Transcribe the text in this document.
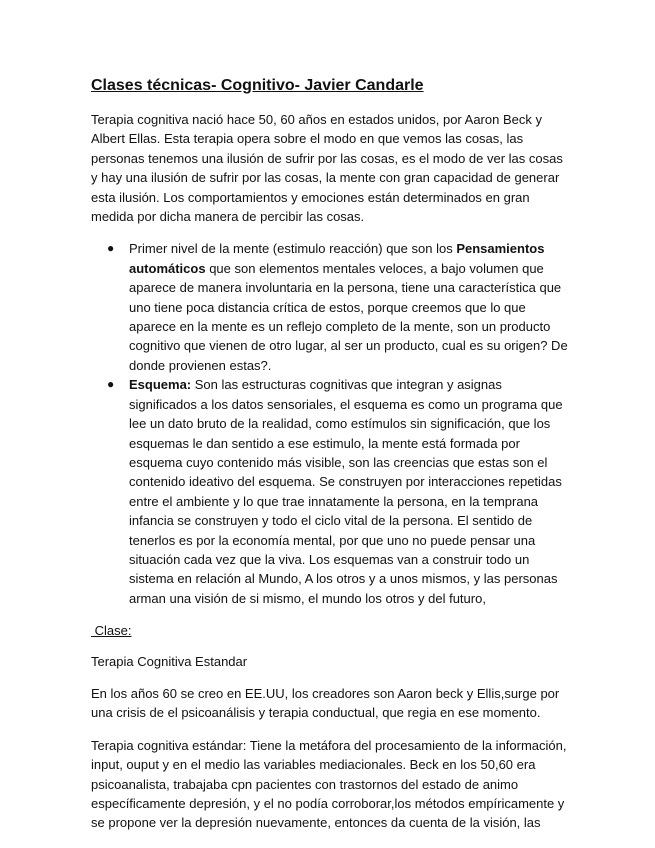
Clases técnicas- Cognitivo- Javier Candarle

Terapia cognitiva nació hace 50, 60 años en estados unidos, por Aaron Beck y Albert Ellas. Esta terapia opera sobre el modo en que vemos las cosas, las personas tenemos una ilusión de sufrir por las cosas, es el modo de ver las cosas y hay una ilusión de sufrir por las cosas, la mente con gran capacidad de generar esta ilusión. Los comportamientos y emociones están determinados en gran medida por dicha manera de percibir las cosas.

● Primer nivel de la mente (estimulo reacción) que son los Pensamientos automáticos que son elementos mentales veloces, a bajo volumen que aparece de manera involuntaria en la persona, tiene una característica que uno tiene poca distancia crítica de estos, porque creemos que lo que aparece en la mente es un reflejo completo de la mente, son un producto cognitivo que vienen de otro lugar, al ser un producto, cual es su origen? De donde provienen estas?.
● Esquema: Son las estructuras cognitivas que integran y asignas significados a los datos sensoriales, el esquema es como un programa que lee un dato bruto de la realidad, como estímulos sin significación, que los esquemas le dan sentido a ese estimulo, la mente está formada por esquema cuyo contenido más visible, son las creencias que estas son el contenido ideativo del esquema. Se construyen por interacciones repetidas entre el ambiente y lo que trae innatamente la persona, en la temprana infancia se construyen y todo el ciclo vital de la persona. El sentido de tenerlos es por la economía mental, por que uno no puede pensar una situación cada vez que la viva. Los esquemas van a construir todo un sistema en relación al Mundo, A los otros y a unos mismos, y las personas arman una visión de si mismo, el mundo los otros y del futuro,

Clase:

Terapia Cognitiva Estandar

En los años 60 se creo en EE.UU, los creadores son Aaron beck y Ellis,surge por una crisis de el psicoanálisis y terapia conductual, que regia en ese momento.

Terapia cognitiva estándar: Tiene la metáfora del procesamiento de la información, input, ouput y en el medio las variables mediacionales. Beck en los 50,60 era psicoanalista, trabajaba cpn pacientes con trastornos del estado de animo específicamente depresión, y el no podía corroborar,los métodos empíricamente y se propone ver la depresión nuevamente, entonces da cuenta de la visión, las
